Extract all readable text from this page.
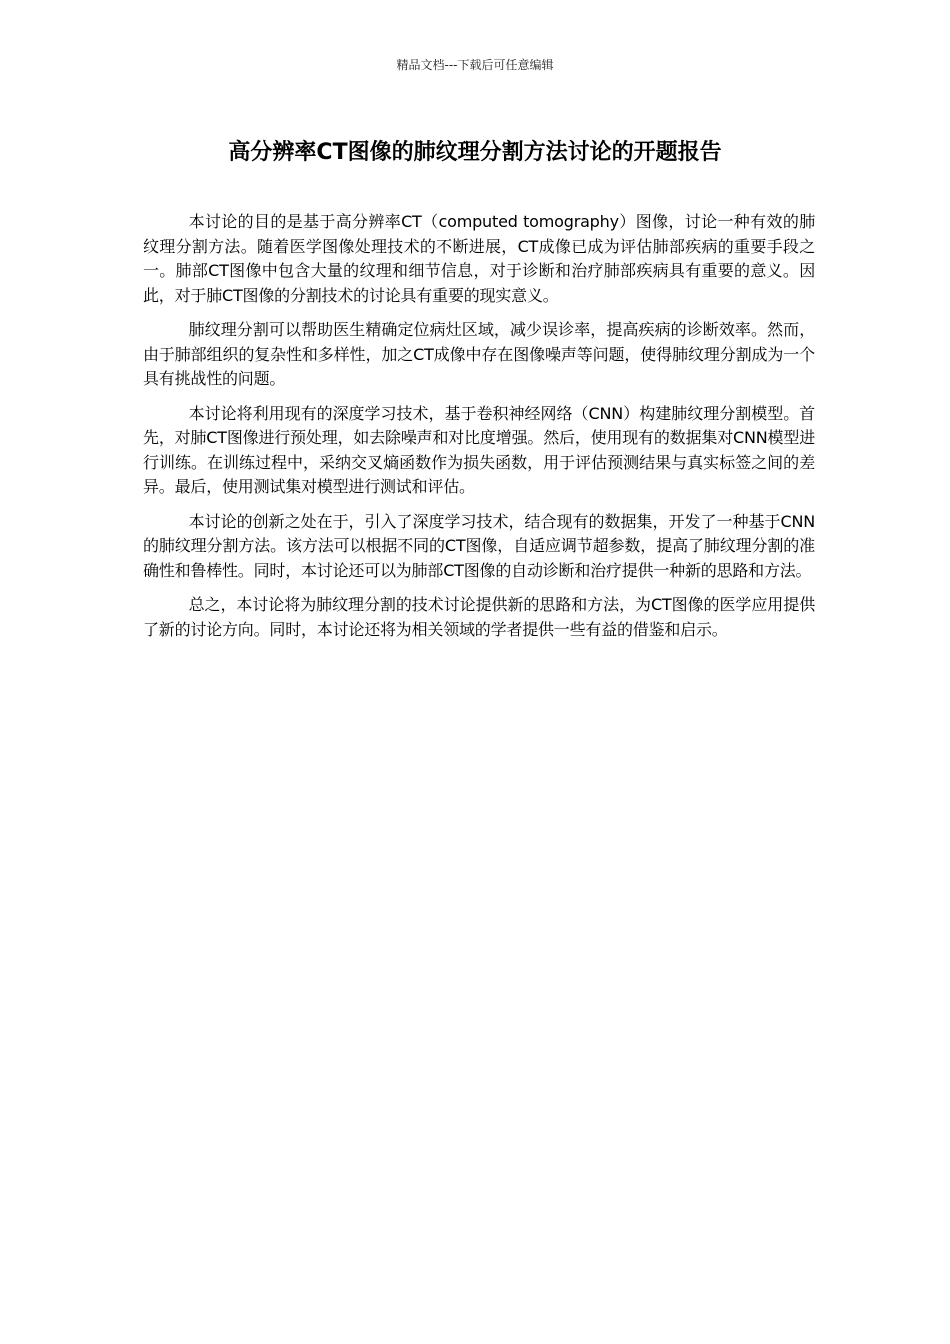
精品文档---下载后可任意编辑
高分辨率CT图像的肺纹理分割方法讨论的开题报告

本讨论的目的是基于高分辨率CT（computed tomography）图像，讨论一种有效的肺纹理分割方法。随着医学图像处理技术的不断进展，CT成像已成为评估肺部疾病的重要手段之一。肺部CT图像中包含大量的纹理和细节信息，对于诊断和治疗肺部疾病具有重要的意义。因此，对于肺CT图像的分割技术的讨论具有重要的现实意义。

肺纹理分割可以帮助医生精确定位病灶区域，减少误诊率，提高疾病的诊断效率。然而，由于肺部组织的复杂性和多样性，加之CT成像中存在图像噪声等问题，使得肺纹理分割成为一个具有挑战性的问题。

本讨论将利用现有的深度学习技术，基于卷积神经网络（CNN）构建肺纹理分割模型。首先，对肺CT图像进行预处理，如去除噪声和对比度增强。然后，使用现有的数据集对CNN模型进行训练。在训练过程中，采纳交叉熵函数作为损失函数，用于评估预测结果与真实标签之间的差异。最后，使用测试集对模型进行测试和评估。

本讨论的创新之处在于，引入了深度学习技术，结合现有的数据集，开发了一种基于CNN的肺纹理分割方法。该方法可以根据不同的CT图像，自适应调节超参数，提高了肺纹理分割的准确性和鲁棒性。同时，本讨论还可以为肺部CT图像的自动诊断和治疗提供一种新的思路和方法。

总之，本讨论将为肺纹理分割的技术讨论提供新的思路和方法，为CT图像的医学应用提供了新的讨论方向。同时，本讨论还将为相关领域的学者提供一些有益的借鉴和启示。
